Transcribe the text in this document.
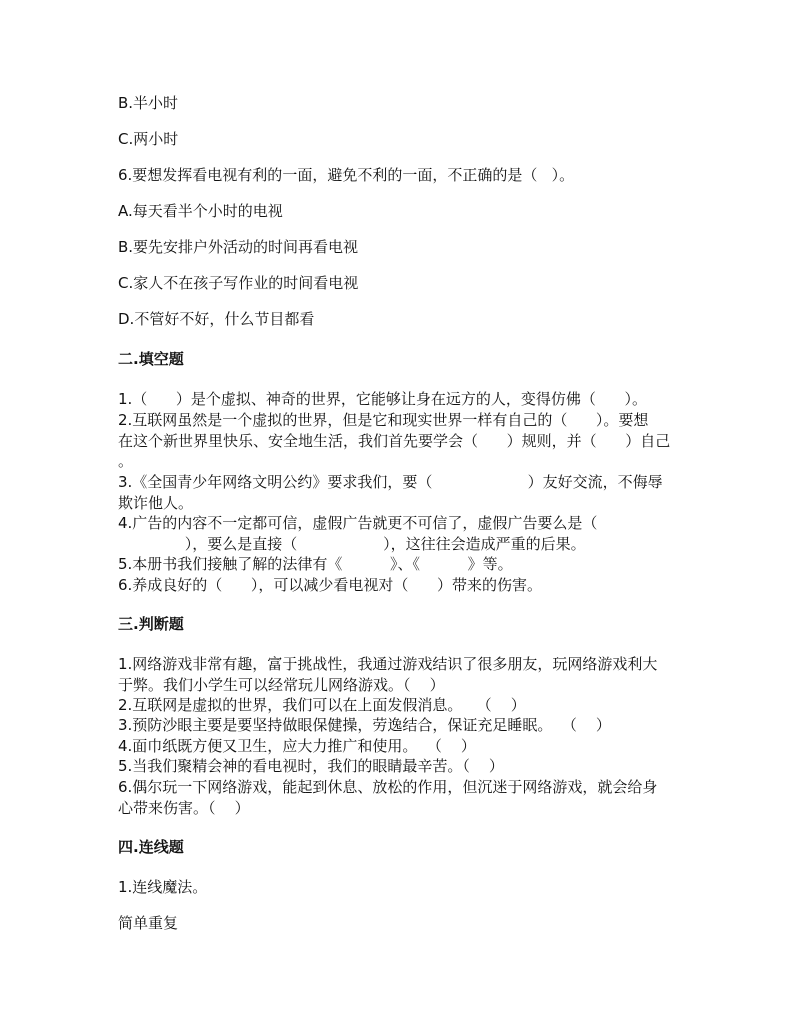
B.半小时
C.两小时
6.要想发挥看电视有利的一面，避免不利的一面，不正确的是（   ）。
A.每天看半个小时的电视
B.要先安排户外活动的时间再看电视
C.家人不在孩子写作业的时间看电视
D.不管好不好，什么节目都看
二.填空题
1.（      ）是个虚拟、神奇的世界，它能够让身在远方的人，变得仿佛（      ）。
2.互联网虽然是一个虚拟的世界，但是它和现实世界一样有自己的（      ）。要想
在这个新世界里快乐、安全地生活，我们首先要学会（      ）规则，并（      ）自己
。
3.《全国青少年网络文明公约》要求我们，要（                    ）友好交流，不侮辱
欺诈他人。
4.广告的内容不一定都可信，虚假广告就更不可信了，虚假广告要么是（
），要么是直接（                  ），这往往会造成严重的后果。
5.本册书我们接触了解的法律有《          》、《          》等。
6.养成良好的（      ），可以减少看电视对（      ）带来的伤害。
三.判断题
1.网络游戏非常有趣，富于挑战性，我通过游戏结识了很多朋友，玩网络游戏利大
于弊。我们小学生可以经常玩儿网络游戏。（    ）
2.互联网是虚拟的世界，我们可以在上面发假消息。   （    ）
3.预防沙眼主要是要坚持做眼保健操，劳逸结合，保证充足睡眠。  （    ）
4.面巾纸既方便又卫生，应大力推广和使用。  （    ）
5.当我们聚精会神的看电视时，我们的眼睛最辛苦。（    ）
6.偶尔玩一下网络游戏，能起到休息、放松的作用，但沉迷于网络游戏，就会给身
心带来伤害。（    ）
四.连线题
1.连线魔法。
简单重复
